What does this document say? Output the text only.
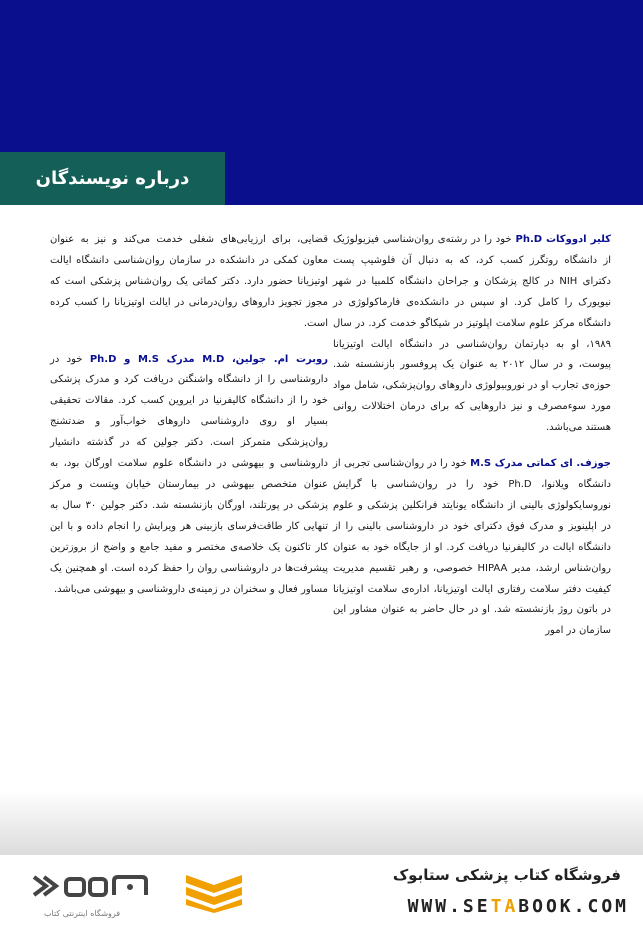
درباره نویسندگان

کلیر ادووکات Ph.D خود را در رشته‌ی روان‌شناسی فیزیولوژیک از دانشگاه روتگرز کسب کرد، که به دنبال آن فلوشیپ پست دکترای NIH در کالج پزشکان و جراحان دانشگاه کلمبیا در شهر نیویورک را کامل کرد. او سپس در دانشکده‌ی فارماکولوژی در دانشگاه مرکز علوم سلامت اپلوتیز در شیکاگو خدمت کرد. در سال ۱۹۸۹، او به دپارتمان روان‌شناسی در دانشگاه ایالت اوتیزیانا پیوست، و در سال ۲۰۱۲ به عنوان یک پروفسور بازنشسته شد. حوزه‌ی تجارب او در نوروبیولوژی داروهای روان‌پزشکی، شامل مواد مورد سوءمصرف و نیز داروهایی که برای درمان اختلالات روانی هستند می‌باشد.

جوزف. ای کماتی مدرک M.S خود را در روان‌شناسی تجربی از دانشگاه ویلانوا، Ph.D خود را در روان‌شناسی با گرایش نوروسایکولوژی بالینی از دانشگاه یونایتد فرانکلین پزشکی و علوم در اپلینویز و مدرک فوق دکترای خود در داروشناسی بالینی را از دانشگاه ایالت در کالیفرنیا دریافت کرد. او از جایگاه خود به عنوان روان‌شناس ارشد، مدیر HIPAA خصوصی، و رهبر تقسیم مدیریت کیفیت دفتر سلامت رفتاری ایالت اوتیزیانا، اداره‌ی سلامت اوتیزیانا در باتون روژ بازنشسته شد. او در حال حاضر به عنوان مشاور این سازمان در امور

قضایی، برای ارزیابی‌های شغلی خدمت می‌کند و نیز به عنوان معاون کمکی در دانشکده در سازمان روان‌شناسی دانشگاه ایالت اوتیزیانا حضور دارد. دکتر کماتی یک روان‌شناس پزشکی است که مجوز تجویز داروهای روان‌درمانی در ایالت اوتیزیانا را کسب کرده است.

روبرت ام. جولین، M.D مدرک M.S و Ph.D خود در داروشناسی را از دانشگاه واشنگتن دریافت کرد و مدرک پزشکی خود را از دانشگاه کالیفرنیا در ایروین کسب کرد. مقالات تحقیقی بسیار او روی داروشناسی داروهای خواب‌آور و ضدتشنج روان‌پزشکی متمرکز است. دکتر جولین که در گذشته دانشیار داروشناسی و بیهوشی در دانشگاه علوم سلامت اورگان بود، به عنوان متخصص بیهوشی در بیمارستان خیابان ویتست و مرکز پزشکی در پورتلند، اورگان بازنشسته شد. دکتر جولین ۳۰ سال به تنهایی کار طاقت‌فرسای بازبینی هر ویرایش را انجام داده و با این کار تاکنون یک خلاصه‌ی مختصر و مفید جامع و واضح از بروزترین پیشرفت‌ها در داروشناسی روان را حفظ کرده است. او همچنین یک مساور فعال و سخنران در زمینه‌ی داروشناسی و بیهوشی می‌باشد.

فروشگاه کتاب پزشکی ستابوک
WWW.SETABOOK.COM
فروشگاه اینترنتی کتاب
